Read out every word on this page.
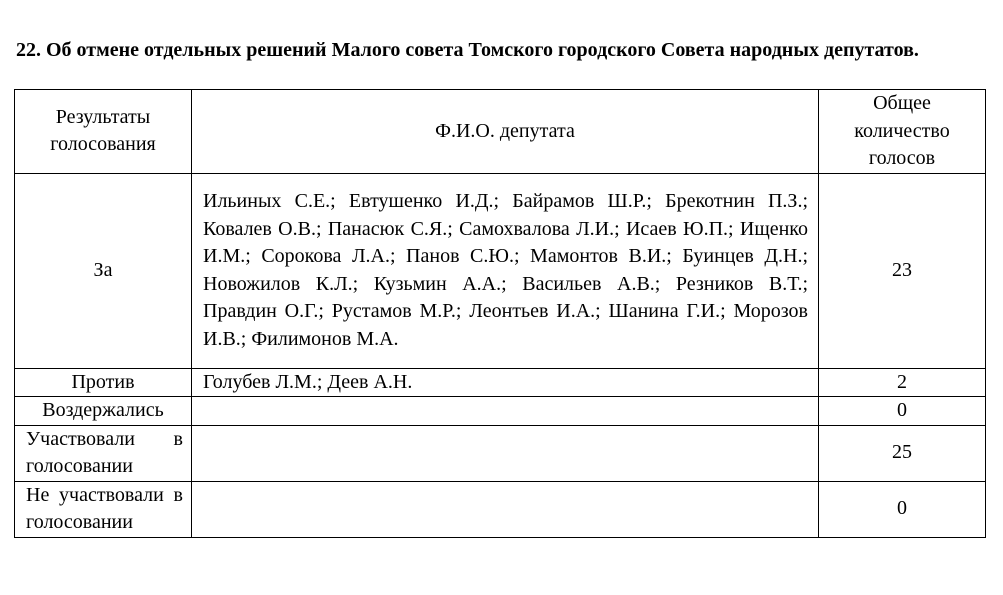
22. Об отмене отдельных решений Малого совета Томского городского Совета народных депутатов.
Результаты голосования	Ф.И.О. депутата	Общее количество голосов
За	Ильиных С.Е.; Евтушенко И.Д.; Байрамов Ш.Р.; Брекотнин П.З.; Ковалев О.В.; Панасюк С.Я.; Самохвалова Л.И.; Исаев Ю.П.; Ищенко И.М.; Сорокова Л.А.; Панов С.Ю.; Мамонтов В.И.; Буинцев Д.Н.; Новожилов К.Л.; Кузьмин А.А.; Васильев А.В.; Резников В.Т.; Правдин О.Г.; Рустамов М.Р.; Леонтьев И.А.; Шанина Г.И.; Морозов И.В.; Филимонов М.А.	23
Против	Голубев Л.М.; Деев А.Н.	2
Воздержались		0
Участвовали в голосовании		25
Не участвовали в голосовании		0
